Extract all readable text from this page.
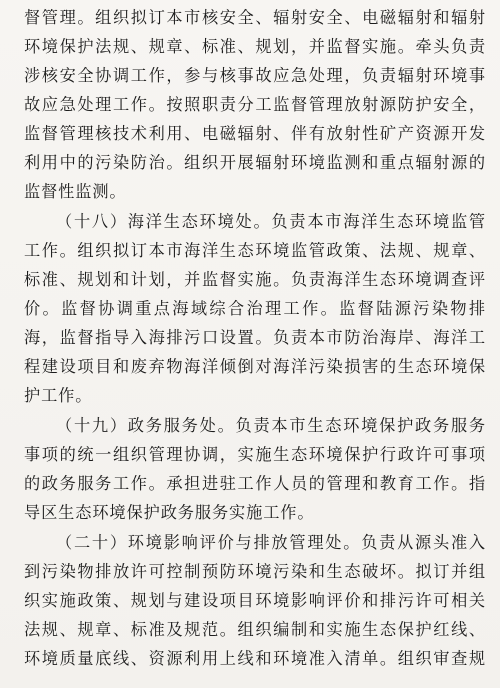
督管理。组织拟订本市核安全、辐射安全、电磁辐射和辐射
环境保护法规、规章、标准、规划，并监督实施。牵头负责
涉核安全协调工作，参与核事故应急处理，负责辐射环境事
故应急处理工作。按照职责分工监督管理放射源防护安全，
监督管理核技术利用、电磁辐射、伴有放射性矿产资源开发
利用中的污染防治。组织开展辐射环境监测和重点辐射源的
监督性监测。
（十八）海洋生态环境处。负责本市海洋生态环境监管
工作。组织拟订本市海洋生态环境监管政策、法规、规章、
标准、规划和计划，并监督实施。负责海洋生态环境调查评
价。监督协调重点海域综合治理工作。监督陆源污染物排
海，监督指导入海排污口设置。负责本市防治海岸、海洋工
程建设项目和废弃物海洋倾倒对海洋污染损害的生态环境保
护工作。
（十九）政务服务处。负责本市生态环境保护政务服务
事项的统一组织管理协调，实施生态环境保护行政许可事项
的政务服务工作。承担进驻工作人员的管理和教育工作。指
导区生态环境保护政务服务实施工作。
（二十）环境影响评价与排放管理处。负责从源头准入
到污染物排放许可控制预防环境污染和生态破坏。拟订并组
织实施政策、规划与建设项目环境影响评价和排污许可相关
法规、规章、标准及规范。组织编制和实施生态保护红线、
环境质量底线、资源利用上线和环境准入清单。组织审查规
